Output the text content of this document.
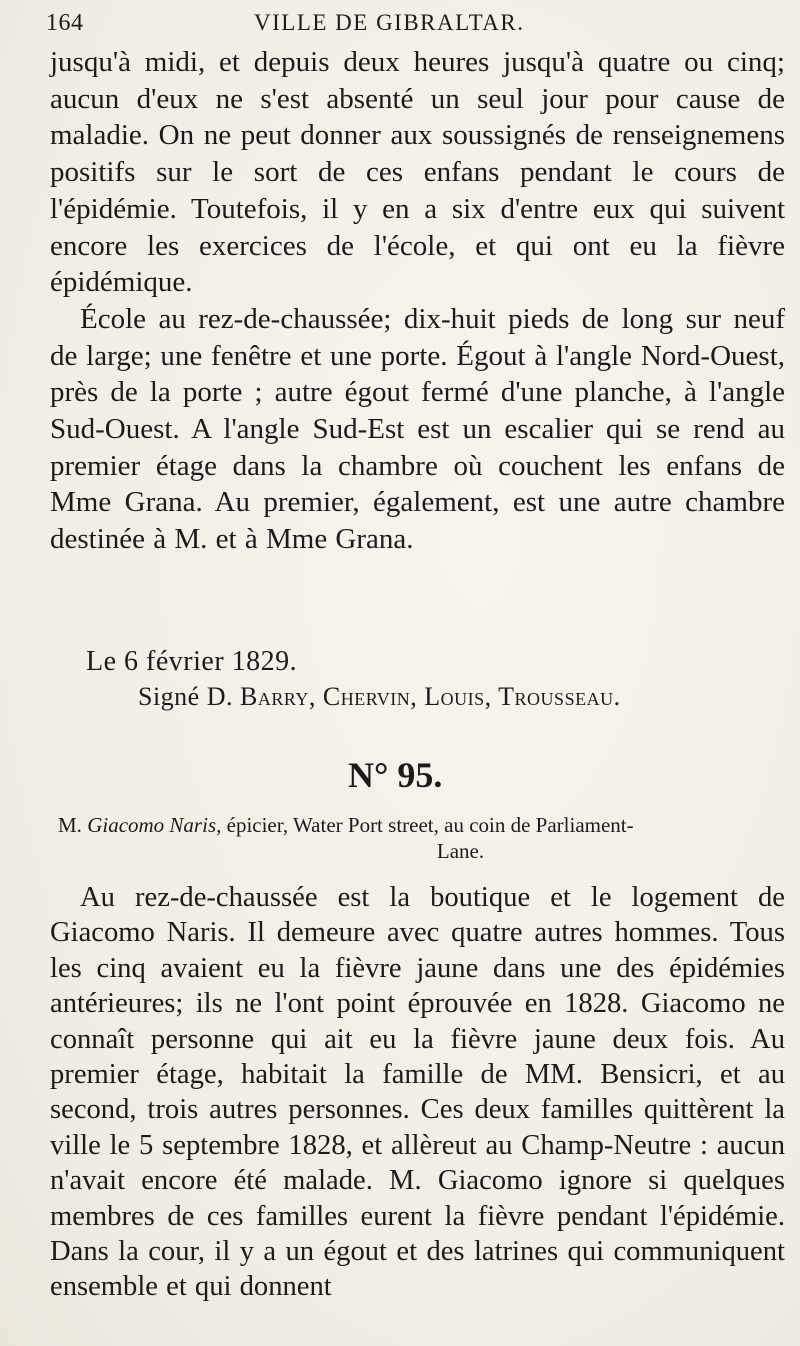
164	VILLE DE GIBRALTAR.

jusqu'à midi, et depuis deux heures jusqu'à quatre ou cinq; aucun d'eux ne s'est absenté un seul jour pour cause de maladie. On ne peut donner aux soussignés de renseignemens positifs sur le sort de ces enfans pendant le cours de l'épidémie. Toutefois, il y en a six d'entre eux qui suivent encore les exercices de l'école, et qui ont eu la fièvre épidémique.

École au rez-de-chaussée; dix-huit pieds de long sur neuf de large; une fenêtre et une porte. Égout à l'angle Nord-Ouest, près de la porte ; autre égout fermé d'une planche, à l'angle Sud-Ouest. A l'angle Sud-Est est un escalier qui se rend au premier étage dans la chambre où couchent les enfans de Mme Grana. Au premier, également, est une autre chambre destinée à M. et à Mme Grana.

Le 6 février 1829.
Signé D. Barry, Chervin, Louis, Trousseau.
N° 95.
M. Giacomo Naris, épicier, Water Port street, au coin de Parliament-
Lane.

Au rez-de-chaussée est la boutique et le logement de Giacomo Naris. Il demeure avec quatre autres hommes. Tous les cinq avaient eu la fièvre jaune dans une des épidémies antérieures; ils ne l'ont point éprouvée en 1828. Giacomo ne connaît personne qui ait eu la fièvre jaune deux fois. Au premier étage, habitait la famille de MM. Bensicri, et au second, trois autres personnes. Ces deux familles quittèrent la ville le 5 septembre 1828, et allèreut au Champ-Neutre : aucun n'avait encore été malade. M. Giacomo ignore si quelques membres de ces familles eurent la fièvre pendant l'épidémie. Dans la cour, il y a un égout et des latrines qui communiquent ensemble et qui donnent
